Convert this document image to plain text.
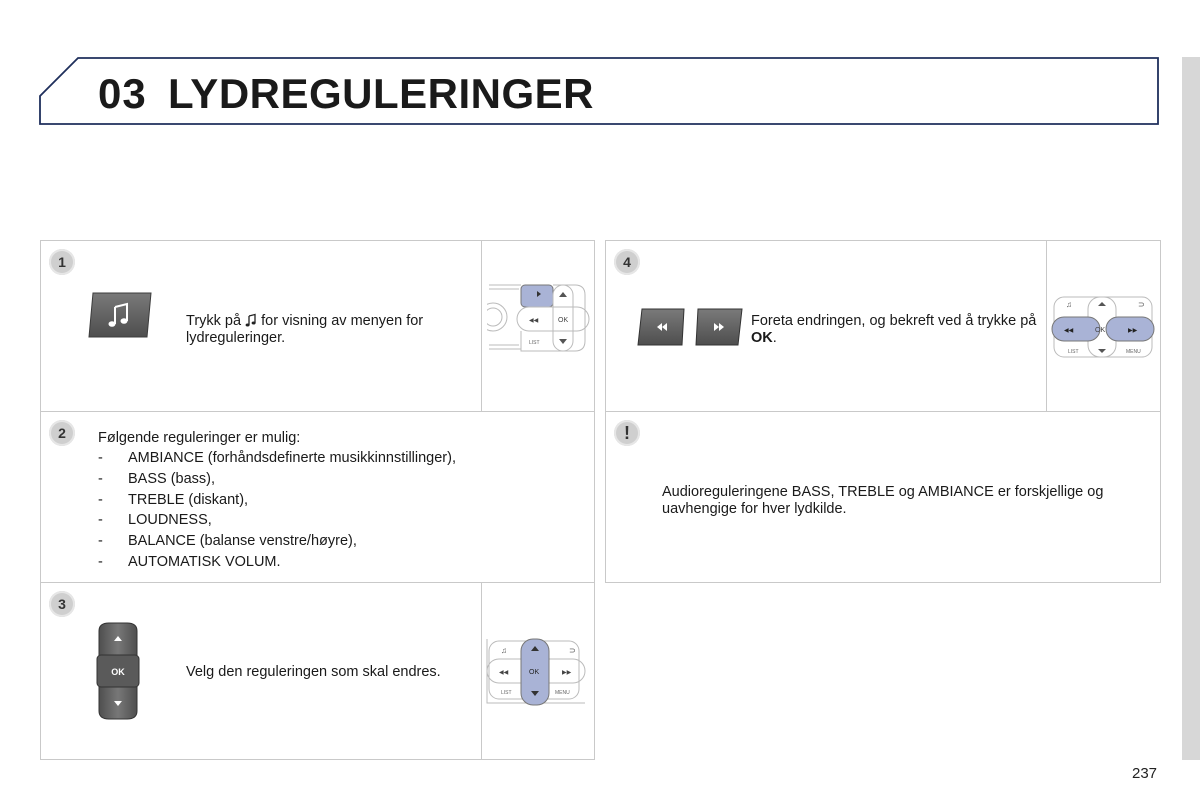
03 LYDREGULERINGER
1
Trykk på for visning av menyen for lydreguleringer.
◀◀	OK
LIST
2	Følgende reguleringer er mulig:
- AMBIANCE (forhåndsdefinerte musikkinnstillinger),
- BASS (bass),
- TREBLE (diskant),
- LOUDNESS,
- BALANCE (balanse venstre/høyre),
- AUTOMATISK VOLUM.
3
OK	Velg den reguleringen som skal endres.
♫	⊃
◀◀	▶▶
OK
LIST	MENU
4
Foreta endringen, og bekreft ved å trykke på OK.
♫	⊃
◀◀	▶▶
OK
LIST	MENU
!
Audioreguleringene BASS, TREBLE og AMBIANCE er forskjellige og uavhengige for hver lydkilde.
237
